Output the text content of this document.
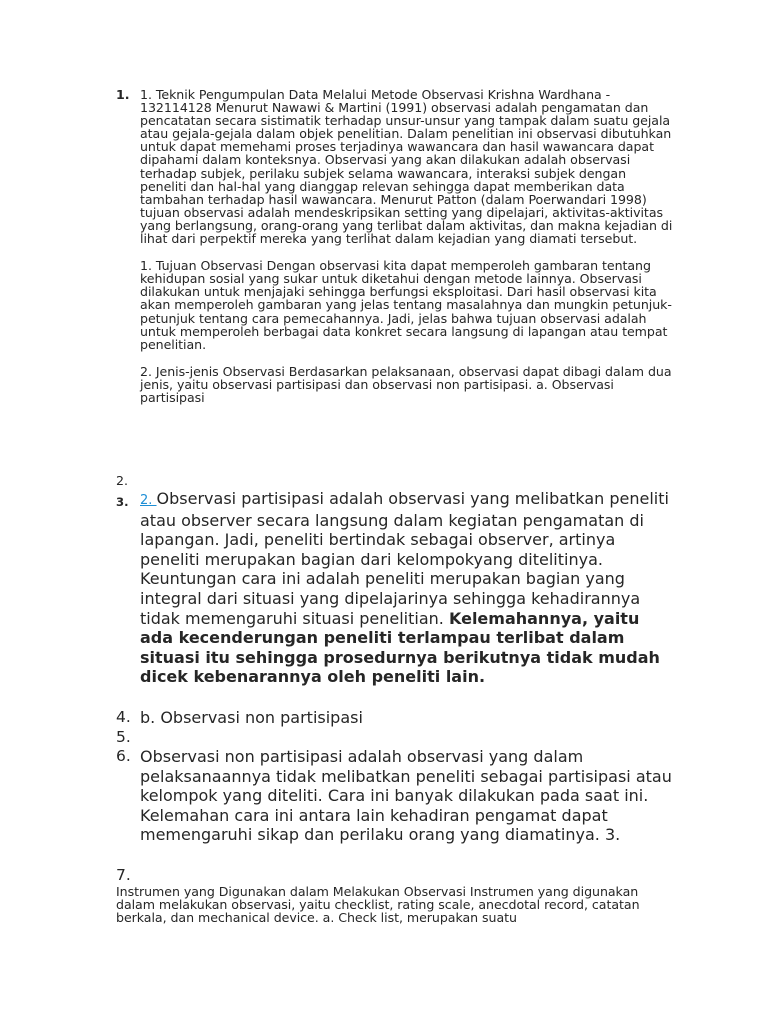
1. 1. Teknik Pengumpulan Data Melalui Metode Observasi Krishna Wardhana - 132114128 Menurut Nawawi & Martini (1991) observasi adalah pengamatan dan pencatatan secara sistimatik terhadap unsur-unsur yang tampak dalam suatu gejala atau gejala-gejala dalam objek penelitian. Dalam penelitian ini observasi dibutuhkan untuk dapat memehami proses terjadinya wawancara dan hasil wawancara dapat dipahami dalam konteksnya. Observasi yang akan dilakukan adalah observasi terhadap subjek, perilaku subjek selama wawancara, interaksi subjek dengan peneliti dan hal-hal yang dianggap relevan sehingga dapat memberikan data tambahan terhadap hasil wawancara. Menurut Patton (dalam Poerwandari 1998) tujuan observasi adalah mendeskripsikan setting yang dipelajari, aktivitas-aktivitas yang berlangsung, orang-orang yang terlibat dalam aktivitas, dan makna kejadian di lihat dari perpektif mereka yang terlihat dalam kejadian yang diamati tersebut.

1. Tujuan Observasi Dengan observasi kita dapat memperoleh gambaran tentang kehidupan sosial yang sukar untuk diketahui dengan metode lainnya. Observasi dilakukan untuk menjajaki sehingga berfungsi eksploitasi. Dari hasil observasi kita akan memperoleh gambaran yang jelas tentang masalahnya dan mungkin petunjuk-petunjuk tentang cara pemecahannya. Jadi, jelas bahwa tujuan observasi adalah untuk memperoleh berbagai data konkret secara langsung di lapangan atau tempat penelitian.

2. Jenis-jenis Observasi Berdasarkan pelaksanaan, observasi dapat dibagi dalam dua jenis, yaitu observasi partisipasi dan observasi non partisipasi. a. Observasi partisipasi

2.
3. 2. Observasi partisipasi adalah observasi yang melibatkan peneliti atau observer secara langsung dalam kegiatan pengamatan di lapangan. Jadi, peneliti bertindak sebagai observer, artinya peneliti merupakan bagian dari kelompokyang ditelitinya. Keuntungan cara ini adalah peneliti merupakan bagian yang integral dari situasi yang dipelajarinya sehingga kehadirannya tidak memengaruhi situasi penelitian. Kelemahannya, yaitu ada kecenderungan peneliti terlampau terlibat dalam situasi itu sehingga prosedurnya berikutnya tidak mudah dicek kebenarannya oleh peneliti lain.

4. b. Observasi non partisipasi

5.
6. Observasi non partisipasi adalah observasi yang dalam pelaksanaannya tidak melibatkan peneliti sebagai partisipasi atau kelompok yang diteliti. Cara ini banyak dilakukan pada saat ini. Kelemahan cara ini antara lain kehadiran pengamat dapat memengaruhi sikap dan perilaku orang yang diamatinya. 3.

7.
Instrumen yang Digunakan dalam Melakukan Observasi Instrumen yang digunakan dalam melakukan observasi, yaitu checklist, rating scale, anecdotal record, catatan berkala, dan mechanical device. a. Check list, merupakan suatu
